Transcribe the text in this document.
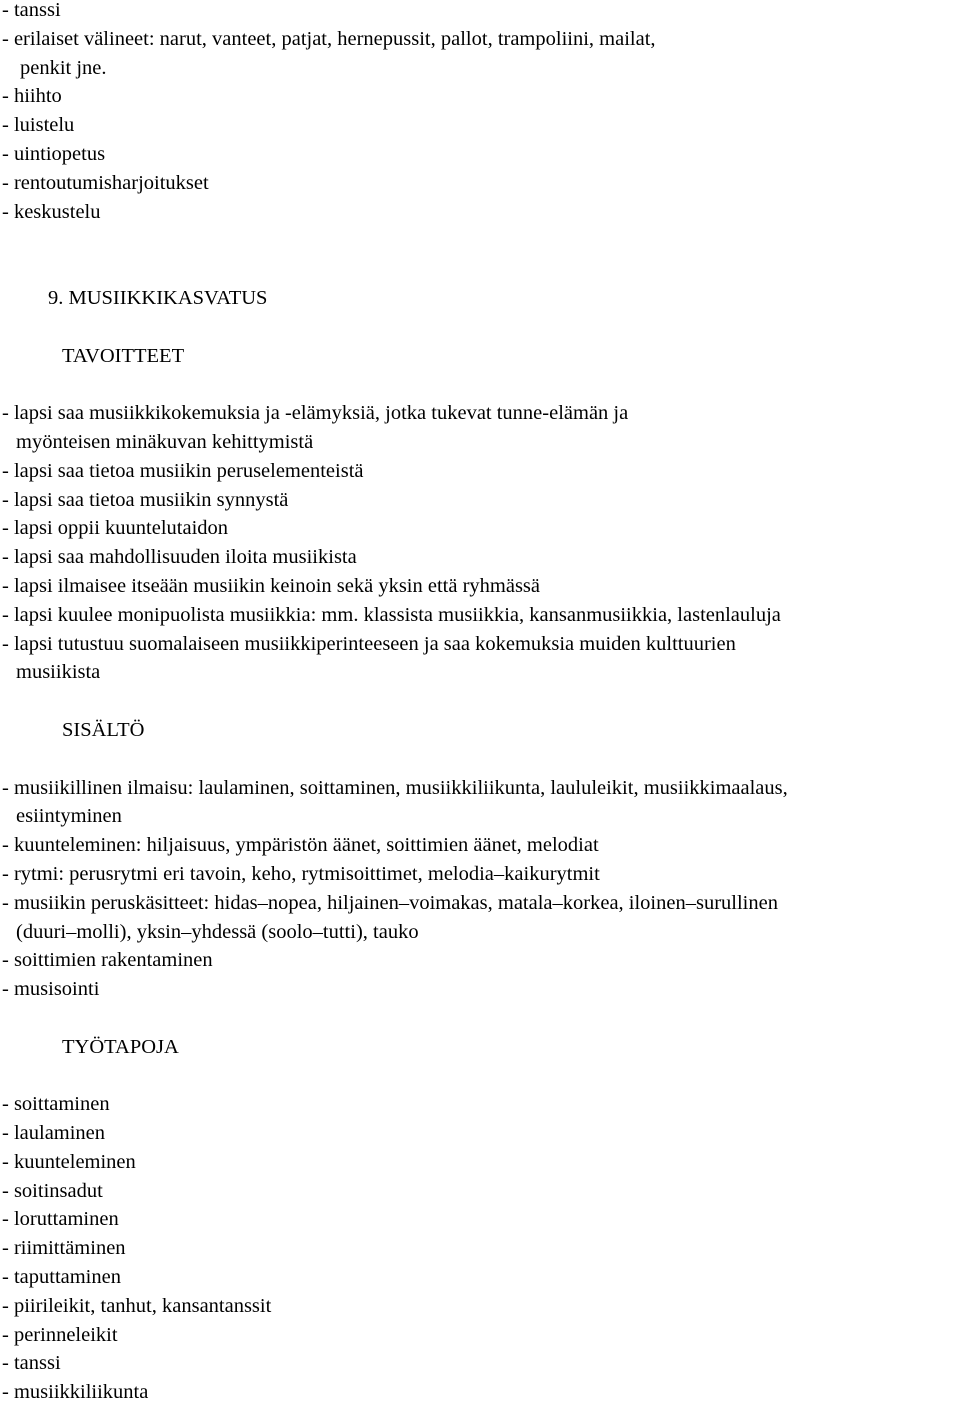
- tanssi
- erilaiset välineet: narut, vanteet, patjat, hernepussit, pallot, trampoliini, mailat,
penkit jne.
- hiihto
- luistelu
- uintiopetus
- rentoutumisharjoitukset
- keskustelu
9. MUSIIKKIKASVATUS
TAVOITTEET
- lapsi saa musiikkikokemuksia ja -elämyksiä, jotka tukevat tunne-elämän ja
myönteisen minäkuvan kehittymistä
- lapsi saa tietoa musiikin peruselementeistä
- lapsi saa tietoa musiikin synnystä
- lapsi oppii kuuntelutaidon
- lapsi saa mahdollisuuden iloita musiikista
- lapsi ilmaisee itseään musiikin keinoin sekä yksin että ryhmässä
- lapsi kuulee monipuolista musiikkia: mm. klassista musiikkia, kansanmusiikkia, lastenlauluja
- lapsi tutustuu suomalaiseen musiikkiperinteeseen ja saa kokemuksia muiden kulttuurien
musiikista
SISÄLTÖ
- musiikillinen ilmaisu: laulaminen, soittaminen, musiikkiliikunta, laululeikit, musiikkimaalaus,
esiintyminen
- kuunteleminen: hiljaisuus, ympäristön äänet, soittimien äänet, melodiat
- rytmi: perusrytmi eri tavoin, keho, rytmisoittimet, melodia–kaikurytmit
- musiikin peruskäsitteet: hidas–nopea, hiljainen–voimakas, matala–korkea, iloinen–surullinen
(duuri–molli), yksin–yhdessä (soolo–tutti), tauko
- soittimien rakentaminen
- musisointi
TYÖTAPOJA
- soittaminen
- laulaminen
- kuunteleminen
- soitinsadut
- loruttaminen
- riimittäminen
- taputtaminen
- piirileikit, tanhut, kansantanssit
- perinneleikit
- tanssi
- musiikkiliikunta
